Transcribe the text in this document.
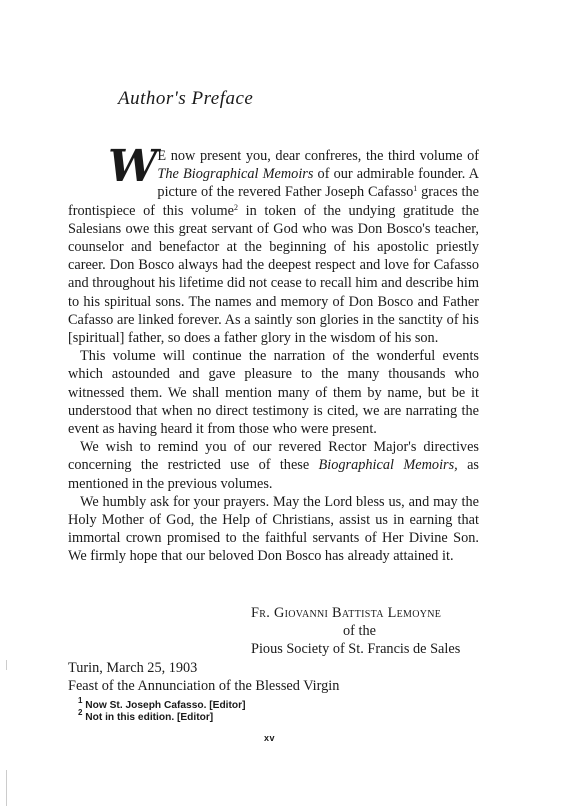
Author's Preface

W E now present you, dear confreres, the third volume of The Biographical Memoirs of our admirable founder. A picture of the revered Father Joseph Cafasso$^1$ graces the frontispiece of this volume$^2$ in token of the undying gratitude the Salesians owe this great servant of God who was Don Bosco's teacher, counselor and benefactor at the beginning of his apostolic priestly career. Don Bosco always had the deepest respect and love for Cafasso and throughout his lifetime did not cease to recall him and describe him to his spiritual sons. The names and memory of Don Bosco and Father Cafasso are linked forever. As a saintly son glories in the sanctity of his [spiritual] father, so does a father glory in the wisdom of his son.

This volume will continue the narration of the wonderful events which astounded and gave pleasure to the many thousands who witnessed them. We shall mention many of them by name, but be it understood that when no direct testimony is cited, we are narrating the event as having heard it from those who were present.

We wish to remind you of our revered Rector Major's directives concerning the restricted use of these Biographical Memoirs, as mentioned in the previous volumes.

We humbly ask for your prayers. May the Lord bless us, and may the Holy Mother of God, the Help of Christians, assist us in earning that immortal crown promised to the faithful servants of Her Divine Son. We firmly hope that our beloved Don Bosco has already attained it.

Fr. Giovanni Battista Lemoyne
of the
Pious Society of St. Francis de Sales
Turin, March 25, 1903
Feast of the Annunciation of the Blessed Virgin
$^1$ Now St. Joseph Cafasso. [Editor]
$^2$ Not in this edition. [Editor]
xv
